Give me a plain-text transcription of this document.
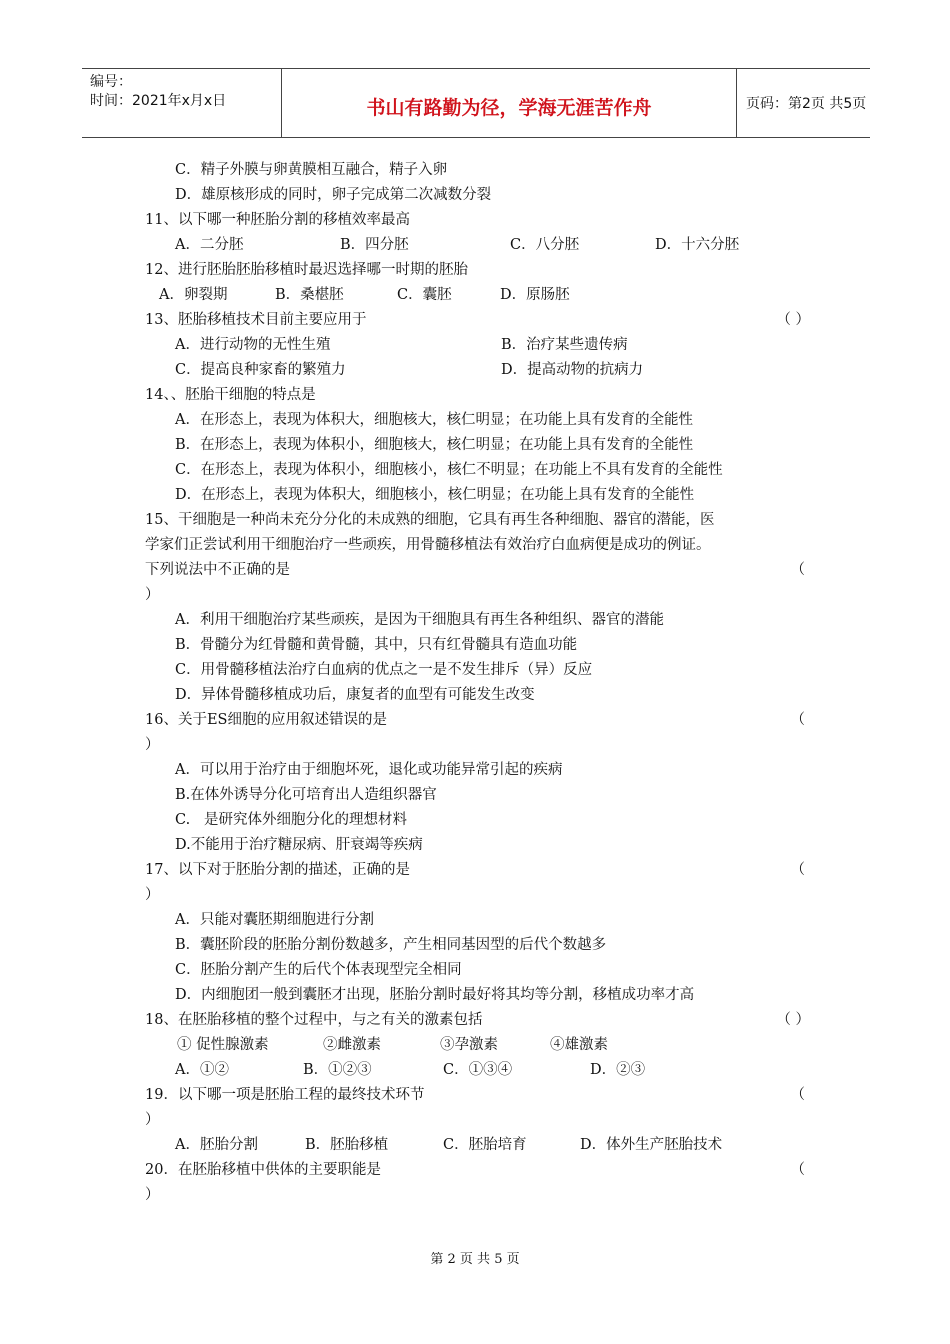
编号：
时间：2021年x月x日	书山有路勤为径，学海无涯苦作舟	页码：第2页 共5页
C．精子外膜与卵黄膜相互融合，精子入卵
D．雄原核形成的同时，卵子完成第二次减数分裂
11、以下哪一种胚胎分割的移植效率最高
A．二分胚	B．四分胚	C．八分胚	D．十六分胚
12、进行胚胎胚胎移植时最迟选择哪一时期的胚胎
A．卵裂期	B．桑椹胚	C．囊胚	D．原肠胚
13、胚胎移植技术目前主要应用于	（ ）
A．进行动物的无性生殖	B．治疗某些遗传病
C．提高良种家畜的繁殖力	D．提高动物的抗病力
14、、胚胎干细胞的特点是
A．在形态上，表现为体积大，细胞核大，核仁明显；在功能上具有发育的全能性
B．在形态上，表现为体积小，细胞核大，核仁明显；在功能上具有发育的全能性
C．在形态上，表现为体积小，细胞核小，核仁不明显；在功能上不具有发育的全能性
D．在形态上，表现为体积大，细胞核小，核仁明显；在功能上具有发育的全能性
15、干细胞是一种尚未充分分化的未成熟的细胞，它具有再生各种细胞、器官的潜能，医
学家们正尝试利用干细胞治疗一些顽疾，用骨髓移植法有效治疗白血病便是成功的例证。
下列说法中不正确的是	（
）
A．利用干细胞治疗某些顽疾，是因为干细胞具有再生各种组织、器官的潜能
B．骨髓分为红骨髓和黄骨髓，其中，只有红骨髓具有造血功能
C．用骨髓移植法治疗白血病的优点之一是不发生排斥（异）反应
D．异体骨髓移植成功后，康复者的血型有可能发生改变
16、关于ES细胞的应用叙述错误的是	（
）
A．可以用于治疗由于细胞坏死，退化或功能异常引起的疾病
B.在体外诱导分化可培育出人造组织器官
C.   是研究体外细胞分化的理想材料
D.不能用于治疗糖尿病、肝衰竭等疾病
17、以下对于胚胎分割的描述，正确的是	（
）
A．只能对囊胚期细胞进行分割
B．囊胚阶段的胚胎分割份数越多，产生相同基因型的后代个数越多
C．胚胎分割产生的后代个体表现型完全相同
D．内细胞团一般到囊胚才出现，胚胎分割时最好将其均等分割，移植成功率才高
18、在胚胎移植的整个过程中，与之有关的激素包括	（ ）
① 促性腺激素	②雌激素	③孕激素	④雄激素
A．①②	B．①②③	C．①③④	D．②③
19．以下哪一项是胚胎工程的最终技术环节	（
）
A．胚胎分割	B．胚胎移植	C．胚胎培育	D．体外生产胚胎技术
20．在胚胎移植中供体的主要职能是	（
）
第 2 页 共 5 页
